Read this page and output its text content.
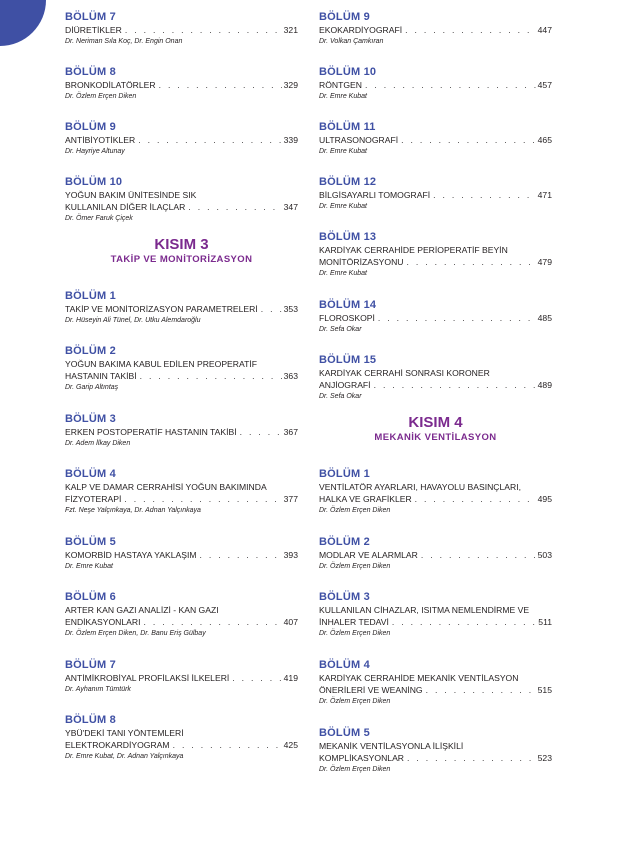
BÖLÜM 7
DİÜRETİKLER . . .	321
Dr. Neriman Sıla Koç, Dr. Engin Onan
BÖLÜM 8
BRONKODİLATÖRLER . . .	329
Dr. Özlem Erçen Diken
BÖLÜM 9
ANTİBİYOTİKLER . . .	339
Dr. Hayriye Altunay
BÖLÜM 10
YOĞUN BAKIM ÜNİTESİNDE SIK
KULLANILAN DİĞER İLAÇLAR . . .	347
Dr. Ömer Faruk Çiçek
KISIM 3
TAKİP VE MONİTORİZASYON
BÖLÜM 1
TAKİP VE MONİTORİZASYON PARAMETRELERİ . . .	353
Dr. Hüseyin Ali Tünel, Dr. Utku Alemdaroğlu
BÖLÜM 2
YOĞUN BAKIMA KABUL EDİLEN PREOPERATİF
HASTANIN TAKİBİ . . .	363
Dr. Garip Altıntaş
BÖLÜM 3
ERKEN POSTOPERATİF HASTANIN TAKİBİ . . .	367
Dr. Adem İlkay Diken
BÖLÜM 4
KALP VE DAMAR CERRAHİSİ YOĞUN BAKIMINDA
FİZYOTERAPİ . . .	377
Fzt. Neşe Yalçınkaya, Dr. Adnan Yalçınkaya
BÖLÜM 5
KOMORBİD HASTAYA YAKLAŞIM . . .	393
Dr. Emre Kubat
BÖLÜM 6
ARTER KAN GAZI ANALİZİ - KAN GAZI
ENDİKASYONLARI . . .	407
Dr. Özlem Erçen Diken, Dr. Banu Eriş Gülbay
BÖLÜM 7
ANTİMİKROBİYAL PROFİLAKSİ İLKELERİ . . .	419
Dr. Ayhanım Tümtürk
BÖLÜM 8
YBÜ'DEKİ TANI YÖNTEMLERİ
ELEKTROKARDİYOGRAM . . .	425
Dr. Emre Kubat, Dr. Adnan Yalçınkaya
BÖLÜM 9
EKOKARDİYOGRAFİ . . .	447
Dr. Volkan Çamkıran
BÖLÜM 10
RÖNTGEN . . .	457
Dr. Emre Kubat
BÖLÜM 11
ULTRASONOGRAFİ . . .	465
Dr. Emre Kubat
BÖLÜM 12
BİLGİSAYARLI TOMOGRAFİ . . .	471
Dr. Emre Kubat
BÖLÜM 13
KARDİYAK CERRAHİDE PERİOPERATİF BEYİN
MONİTÖRİZASYONU . . .	479
Dr. Emre Kubat
BÖLÜM 14
FLOROSKOPİ . . .	485
Dr. Sefa Okar
BÖLÜM 15
KARDİYAK CERRAHİ SONRASI KORONER
ANJİOGRAFİ . . .	489
Dr. Sefa Okar
KISIM 4
MEKANİK VENTİLASYON
BÖLÜM 1
VENTİLATÖR AYARLARI, HAVAYOLU BASINÇLARI,
HALKA VE GRAFİKLER . . .	495
Dr. Özlem Erçen Diken
BÖLÜM 2
MODLAR VE ALARMLAR . . .	503
Dr. Özlem Erçen Diken
BÖLÜM 3
KULLANILAN CİHAZLAR, ISITMA NEMLENDİRME VE
İNHALER TEDAVİ . . .	511
Dr. Özlem Erçen Diken
BÖLÜM 4
KARDİYAK CERRAHİDE MEKANİK VENTİLASYON
ÖNERİLERİ VE WEANİNG . . .	515
Dr. Özlem Erçen Diken
BÖLÜM 5
MEKANİK VENTİLASYONLA İLİŞKİLİ
KOMPLİKASYONLAR . . .	523
Dr. Özlem Erçen Diken
